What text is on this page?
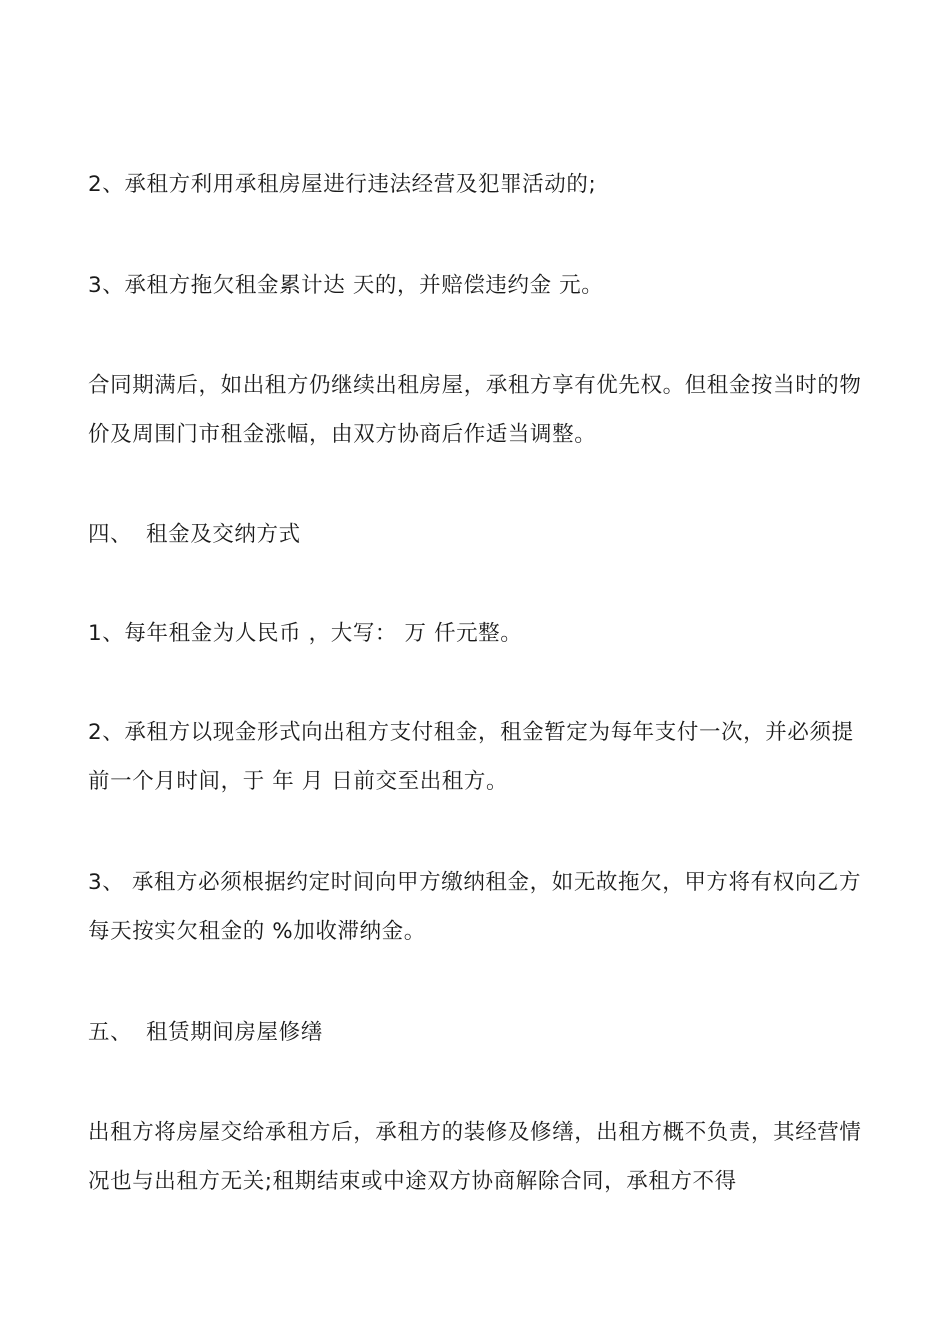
2、承租方利用承租房屋进行违法经营及犯罪活动的;

3、承租方拖欠租金累计达 天的，并赔偿违约金 元。

合同期满后，如出租方仍继续出租房屋，承租方享有优先权。但租金按当时的物价及周围门市租金涨幅，由双方协商后作适当调整。

四、 租金及交纳方式

1、每年租金为人民币 ，大写： 万 仟元整。

2、承租方以现金形式向出租方支付租金，租金暂定为每年支付一次，并必须提前一个月时间，于 年 月 日前交至出租方。

3、 承租方必须根据约定时间向甲方缴纳租金，如无故拖欠，甲方将有权向乙方每天按实欠租金的 %加收滞纳金。

五、 租赁期间房屋修缮

出租方将房屋交给承租方后，承租方的装修及修缮，出租方概不负责，其经营情况也与出租方无关;租期结束或中途双方协商解除合同，承租方不得
